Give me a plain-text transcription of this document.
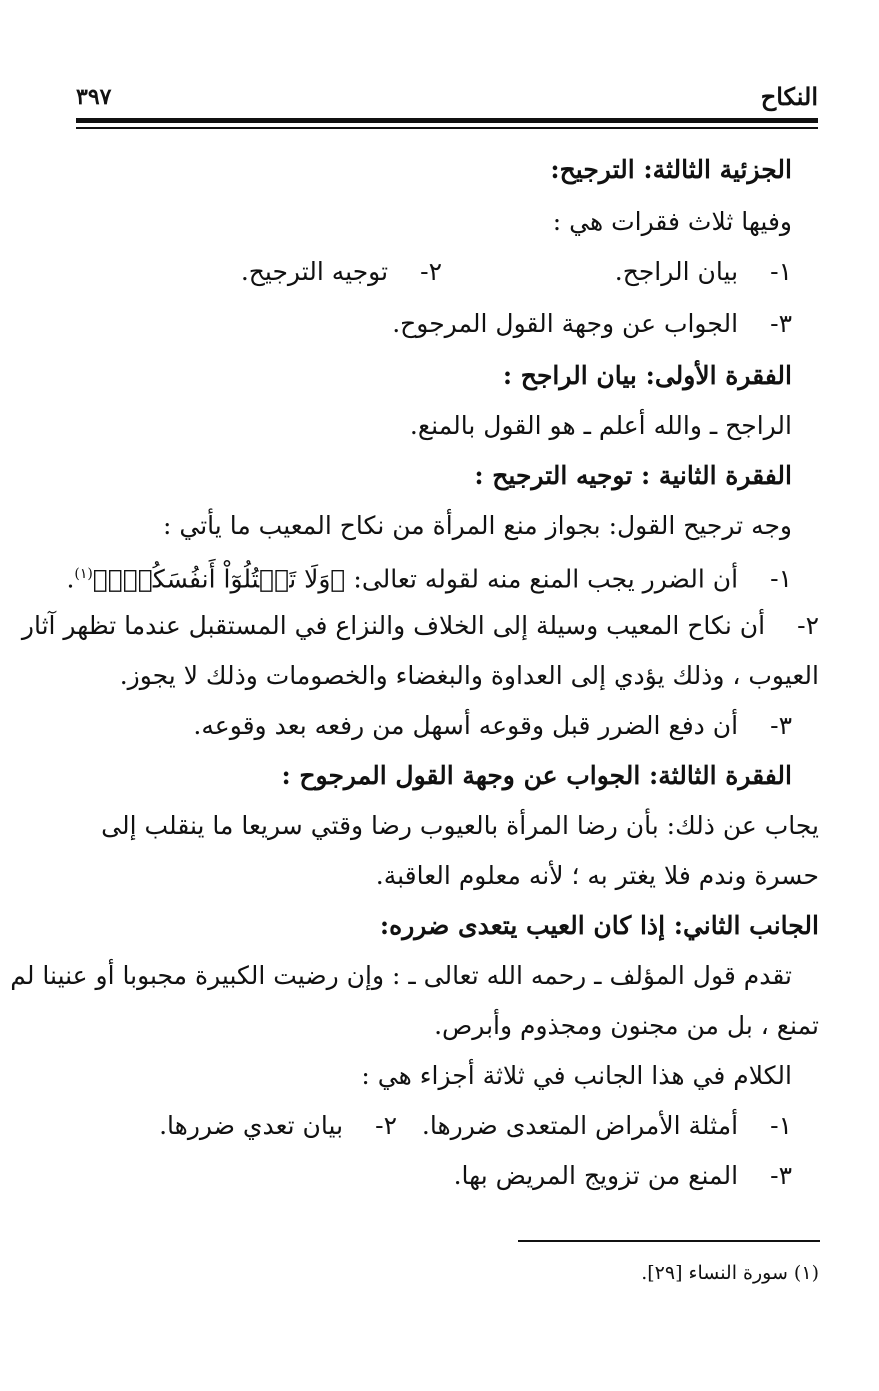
النكاح
٣٩٧
الجزئية الثالثة: الترجيح:
وفيها ثلاث فقرات هي :
١- بيان الراجح.
٢- توجيه الترجيح.
٣- الجواب عن وجهة القول المرجوح.
الفقرة الأولى: بيان الراجح :
الراجح ـ والله أعلم ـ هو القول بالمنع.
الفقرة الثانية : توجيه الترجيح :
وجه ترجيح القول: بجواز منع المرأة من نكاح المعيب ما يأتي :
١- أن الضرر يجب المنع منه لقوله تعالى: ﴿وَلَا تَقۡتُلُوٓاْ أَنفُسَكُمۡۚ﴾$^{(١)}$.
٢- أن نكاح المعيب وسيلة إلى الخلاف والنزاع في المستقبل عندما تظهر آثار
العيوب ، وذلك يؤدي إلى العداوة والبغضاء والخصومات وذلك لا يجوز.
٣- أن دفع الضرر قبل وقوعه أسهل من رفعه بعد وقوعه.
الفقرة الثالثة: الجواب عن وجهة القول المرجوح :
يجاب عن ذلك: بأن رضا المرأة بالعيوب رضا وقتي سريعا ما ينقلب إلى
حسرة وندم فلا يغتر به ؛ لأنه معلوم العاقبة.
الجانب الثاني: إذا كان العيب يتعدى ضرره:
تقدم قول المؤلف ـ رحمه الله تعالى ـ : وإن رضيت الكبيرة مجبوبا أو عنينا لم
تمنع ، بل من مجنون ومجذوم وأبرص.
الكلام في هذا الجانب في ثلاثة أجزاء هي :
١- أمثلة الأمراض المتعدى ضررها.
٢- بيان تعدي ضررها.
٣- المنع من تزويج المريض بها.
(١) سورة النساء [٢٩].
